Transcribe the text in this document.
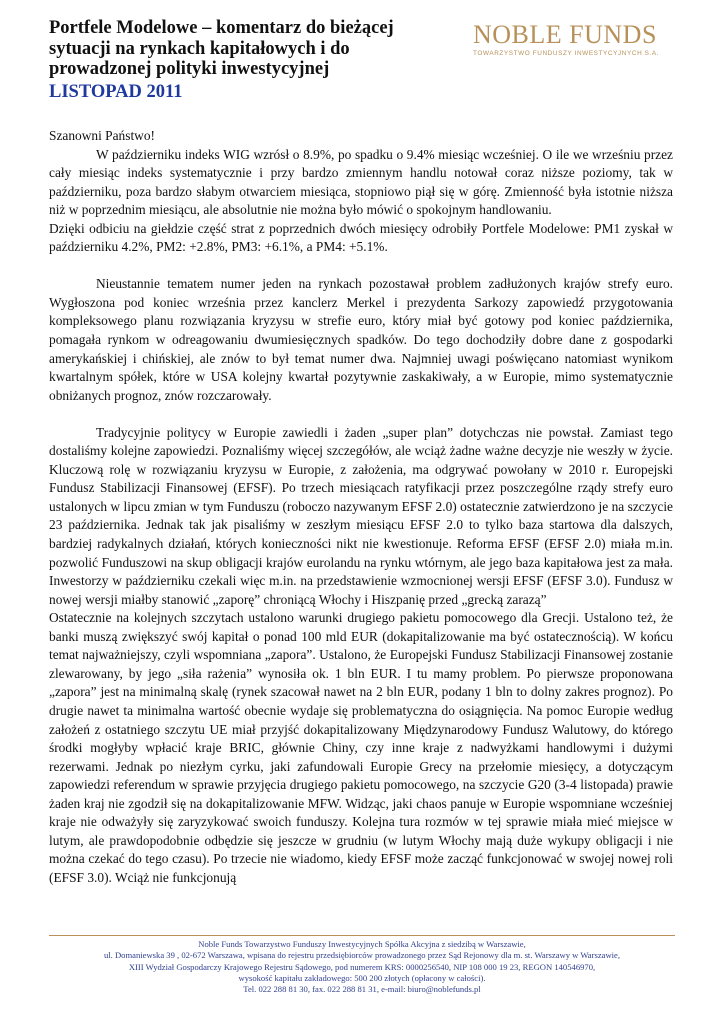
Portfele Modelowe – komentarz do bieżącej sytuacji na rynkach kapitałowych i do prowadzonej polityki inwestycyjnej
LISTOPAD 2011
NOBLE FUNDS
TOWARZYSTWO FUNDUSZY INWESTYCYJNYCH S.A.

Szanowni Państwo!

W październiku indeks WIG wzrósł o 8.9%, po spadku o 9.4% miesiąc wcześniej. O ile we wrześniu przez cały miesiąc indeks systematycznie i przy bardzo zmiennym handlu notował coraz niższe poziomy, tak w październiku, poza bardzo słabym otwarciem miesiąca, stopniowo piął się w górę. Zmienność była istotnie niższa niż w poprzednim miesiącu, ale absolutnie nie można było mówić o spokojnym handlowaniu.

Dzięki odbiciu na giełdzie część strat z poprzednich dwóch miesięcy odrobiły Portfele Modelowe: PM1 zyskał w październiku 4.2%, PM2: +2.8%, PM3: +6.1%, a PM4: +5.1%.

Nieustannie tematem numer jeden na rynkach pozostawał problem zadłużonych krajów strefy euro. Wygłoszona pod koniec września przez kanclerz Merkel i prezydenta Sarkozy zapowiedź przygotowania kompleksowego planu rozwiązania kryzysu w strefie euro, który miał być gotowy pod koniec października, pomagała rynkom w odreagowaniu dwumiesięcznych spadków. Do tego dochodziły dobre dane z gospodarki amerykańskiej i chińskiej, ale znów to był temat numer dwa. Najmniej uwagi poświęcano natomiast wynikom kwartalnym spółek, które w USA kolejny kwartał pozytywnie zaskakiwały, a w Europie, mimo systematycznie obniżanych prognoz, znów rozczarowały.

Tradycyjnie politycy w Europie zawiedli i żaden „super plan” dotychczas nie powstał. Zamiast tego dostaliśmy kolejne zapowiedzi. Poznaliśmy więcej szczegółów, ale wciąż żadne ważne decyzje nie weszły w życie. Kluczową rolę w rozwiązaniu kryzysu w Europie, z założenia, ma odgrywać powołany w 2010 r. Europejski Fundusz Stabilizacji Finansowej (EFSF). Po trzech miesiącach ratyfikacji przez poszczególne rządy strefy euro ustalonych w lipcu zmian w tym Funduszu (roboczo nazywanym EFSF 2.0) ostatecznie zatwierdzono je na szczycie 23 października. Jednak tak jak pisaliśmy w zeszłym miesiącu EFSF 2.0 to tylko baza startowa dla dalszych, bardziej radykalnych działań, których konieczności nikt nie kwestionuje. Reforma EFSF (EFSF 2.0) miała m.in. pozwolić Funduszowi na skup obligacji krajów eurolandu na rynku wtórnym, ale jego baza kapitałowa jest za mała. Inwestorzy w październiku czekali więc m.in. na przedstawienie wzmocnionej wersji EFSF (EFSF 3.0). Fundusz w nowej wersji miałby stanowić „zaporę” chroniącą Włochy i Hiszpanię przed „grecką zarazą”

Ostatecznie na kolejnych szczytach ustalono warunki drugiego pakietu pomocowego dla Grecji. Ustalono też, że banki muszą zwiększyć swój kapitał o ponad 100 mld EUR (dokapitalizowanie ma być ostatecznością). W końcu temat najważniejszy, czyli wspomniana „zapora”. Ustalono, że Europejski Fundusz Stabilizacji Finansowej zostanie zlewarowany, by jego „siła rażenia” wynosiła ok. 1 bln EUR. I tu mamy problem. Po pierwsze proponowana „zapora” jest na minimalną skalę (rynek szacował nawet na 2 bln EUR, podany 1 bln to dolny zakres prognoz). Po drugie nawet ta minimalna wartość obecnie wydaje się problematyczna do osiągnięcia. Na pomoc Europie według założeń z ostatniego szczytu UE miał przyjść dokapitalizowany Międzynarodowy Fundusz Walutowy, do którego środki mogłyby wpłacić kraje BRIC, głównie Chiny, czy inne kraje z nadwyżkami handlowymi i dużymi rezerwami. Jednak po niezłym cyrku, jaki zafundowali Europie Grecy na przełomie miesięcy, a dotyczącym zapowiedzi referendum w sprawie przyjęcia drugiego pakietu pomocowego, na szczycie G20 (3-4 listopada) prawie żaden kraj nie zgodził się na dokapitalizowanie MFW. Widząc, jaki chaos panuje w Europie wspomniane wcześniej kraje nie odważyły się zaryzykować swoich funduszy. Kolejna tura rozmów w tej sprawie miała mieć miejsce w lutym, ale prawdopodobnie odbędzie się jeszcze w grudniu (w lutym Włochy mają duże wykupy obligacji i nie można czekać do tego czasu). Po trzecie nie wiadomo, kiedy EFSF może zacząć funkcjonować w swojej nowej roli (EFSF 3.0). Wciąż nie funkcjonują

Noble Funds Towarzystwo Funduszy Inwestycyjnych Spółka Akcyjna z siedzibą w Warszawie,
ul. Domaniewska 39 , 02-672 Warszawa, wpisana do rejestru przedsiębiorców prowadzonego przez Sąd Rejonowy dla m. st. Warszawy w Warszawie,
XIII Wydział Gospodarczy Krajowego Rejestru Sądowego, pod numerem KRS: 0000256540, NIP 108 000 19 23, REGON 140546970,
wysokość kapitału zakładowego: 500 200 złotych (opłacony w całości).
Tel. 022 288 81 30, fax. 022 288 81 31, e-mail: biuro@noblefunds.pl
